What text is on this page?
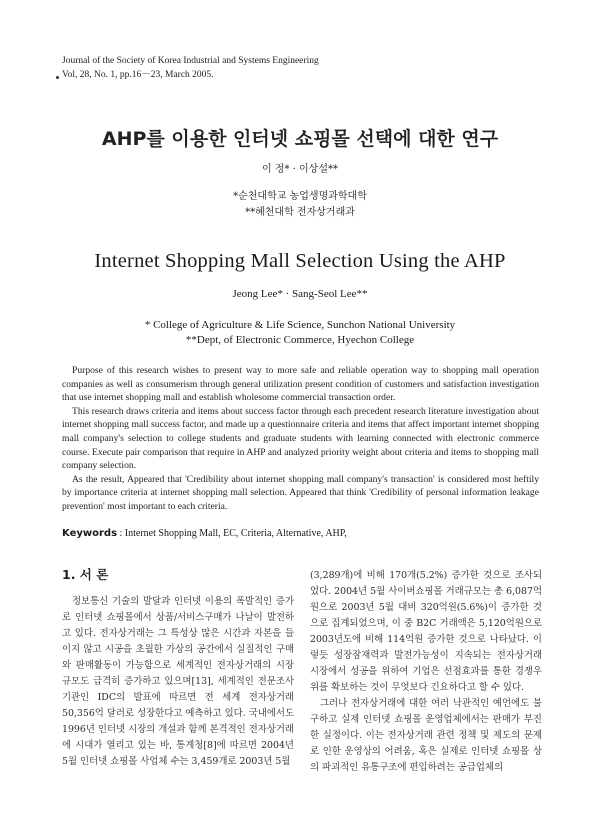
Journal of the Society of Korea Industrial and Systems Engineering
Vol, 28, No. 1, pp.16－23, March 2005.
AHP를 이용한 인터넷 쇼핑몰 선택에 대한 연구
이 정* · 이상설**
*순천대학교 농업생명과학대학
**혜천대학 전자상거래과
Internet Shopping Mall Selection Using the AHP
Jeong Lee* · Sang-Seol Lee**
* College of Agriculture & Life Science, Sunchon National University
**Dept, of Electronic Commerce, Hyechon College

Purpose of this research wishes to present way to more safe and reliable operation way to shopping mall operation companies as well as consumerism through general utilization present condition of customers and satisfaction investigation that use internet shopping mall and establish wholesome commercial transaction order.

This research draws criteria and items about success factor through each precedent research literature investigation about internet shopping mall success factor, and made up a questionnaire criteria and items that affect important internet shopping mall company's selection to college students and graduate students with learning connected with electronic commerce course. Execute pair comparison that require in AHP and analyzed priority weight about criteria and items to shopping mall company selection.

As the result, Appeared that 'Credibility about internet shopping mall company's transaction' is considered most heftily by importance criteria at internet shopping mall selection. Appeared that think 'Credibility of personal information leakage prevention' most important to each criteria.

Keywords : Internet Shopping Mall, EC, Criteria, Alternative, AHP,

1. 서 론

정보통신 기술의 발달과 인터넷 이용의 폭발적인 증가로 인터넷 쇼핑몰에서 상품/서비스구매가 나날이 발전하고 있다. 전자상거래는 그 특성상 많은 시간과 자본을 들이지 않고 시공을 초월한 가상의 공간에서 실질적인 구매와 판매활동이 가능함으로 세계적인 전자상거래의 시장규모도 급격히 증가하고 있으며[13], 세계적인 전문조사기관인 IDC의 발표에 따르면 전 세계 전자상거래 50,356억 달러로 성장한다고 예측하고 있다. 국내에서도 1996년 인터넷 시장의 개설과 함께 본격적인 전자상거래에 시대가 열리고 있는 바, 통계청[8]에 따르면 2004년 5월 인터넷 쇼핑몰 사업체 수는 3,459개로 2003년 5월

(3,289개)에 비해 170개(5.2%) 증가한 것으로 조사되었다. 2004년 5월 사이버쇼핑몰 거래규모는 총 6,087억원으로 2003년 5월 대비 320억원(5.6%)이 증가한 것으로 집계되었으며, 이 중 B2C 거래액은 5,120억원으로 2003년도에 비해 114억원 증가한 것으로 나타났다. 이렇듯 성장잠재력과 발전가능성이 지속되는 전자상거래 시장에서 성공을 위하여 기업은 선점효과를 통한 경쟁우위를 확보하는 것이 무엇보다 긴요하다고 할 수 있다.

그러나 전자상거래에 대한 여러 낙관적인 예언에도 불구하고 실제 인터넷 쇼핑몰 운영업체에서는 판매가 부진한 실정이다. 이는 전자상거래 관련 정책 및 제도의 문제로 인한 운영상의 어려움, 혹은 실제로 인터넷 쇼핑몰 상의 파괴적인 유통구조에 편입하려는 공급업체의
